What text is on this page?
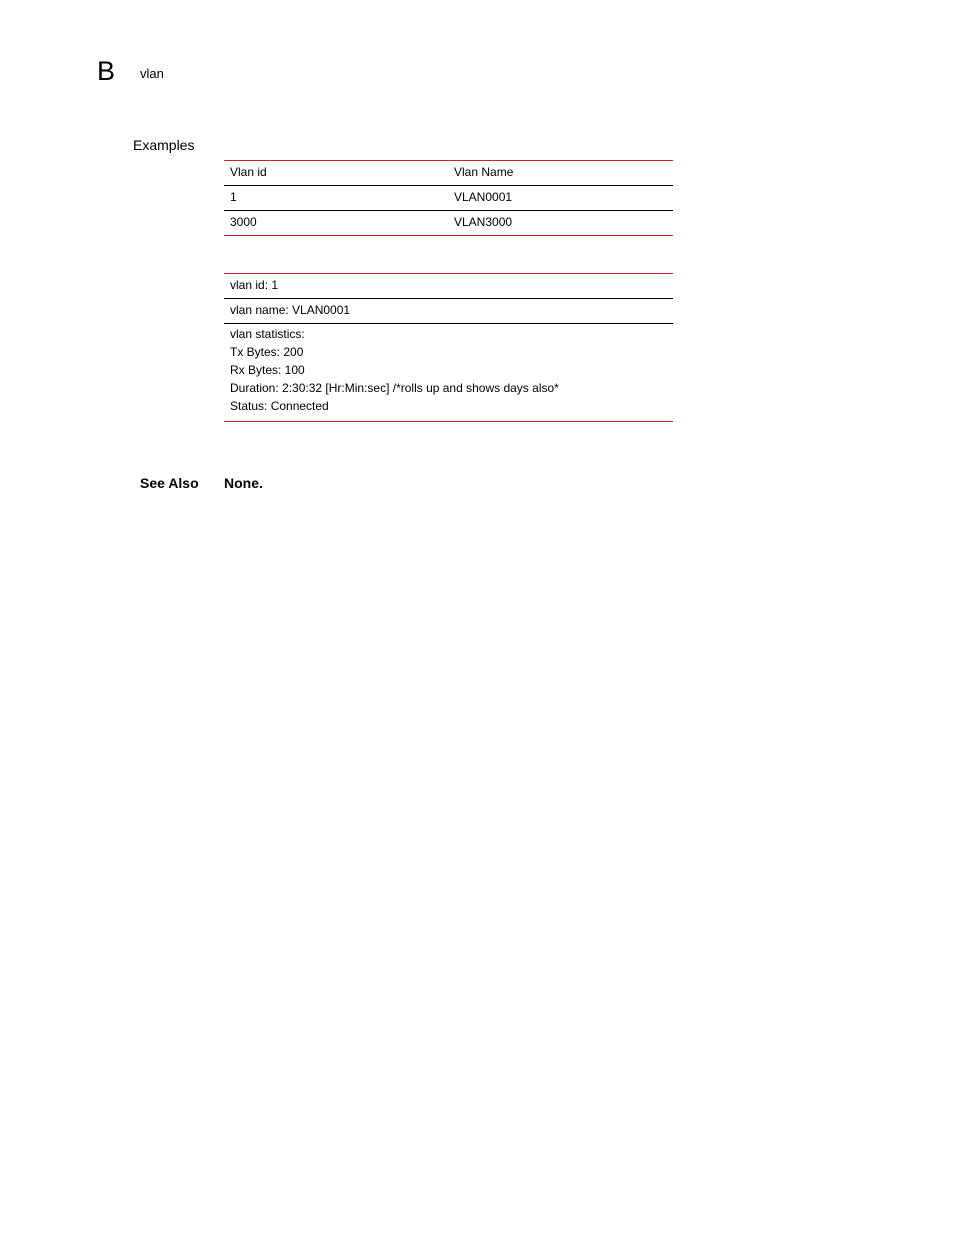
B vlan
Examples
Vlan id	Vlan Name
1	VLAN0001
3000	VLAN3000
vlan id: 1
vlan name: VLAN0001

vlan statistics:
Tx Bytes: 200
Rx Bytes: 100
Duration: 2:30:32 [Hr:Min:sec] /*rolls up and shows days also*
Status: Connected
See Also None.
